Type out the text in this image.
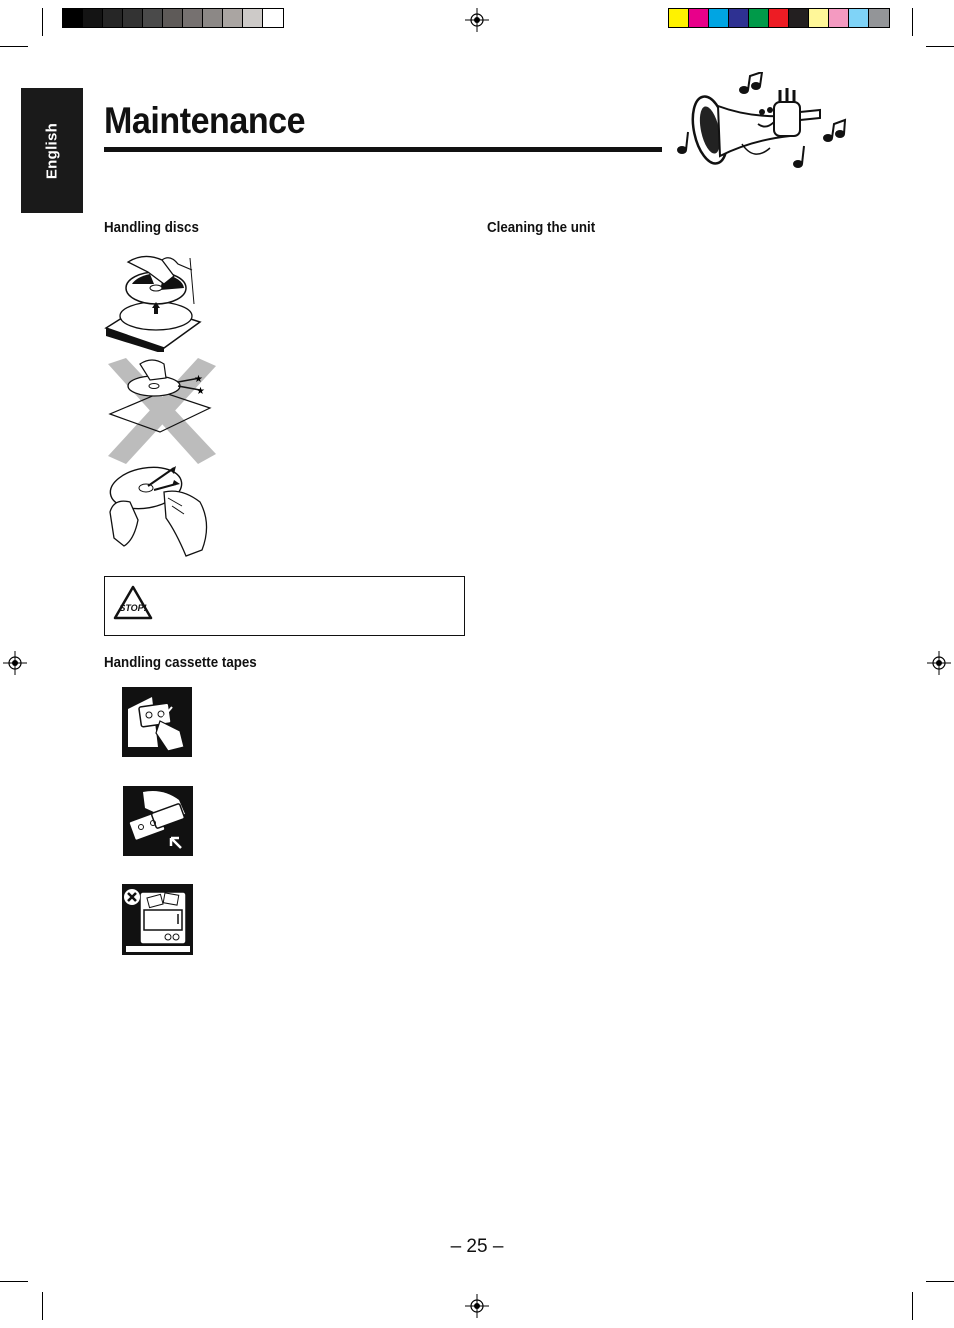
English
Maintenance
Handling discs	Cleaning the unit
Handling cassette tapes
★
★
STOP!
– 25 –
